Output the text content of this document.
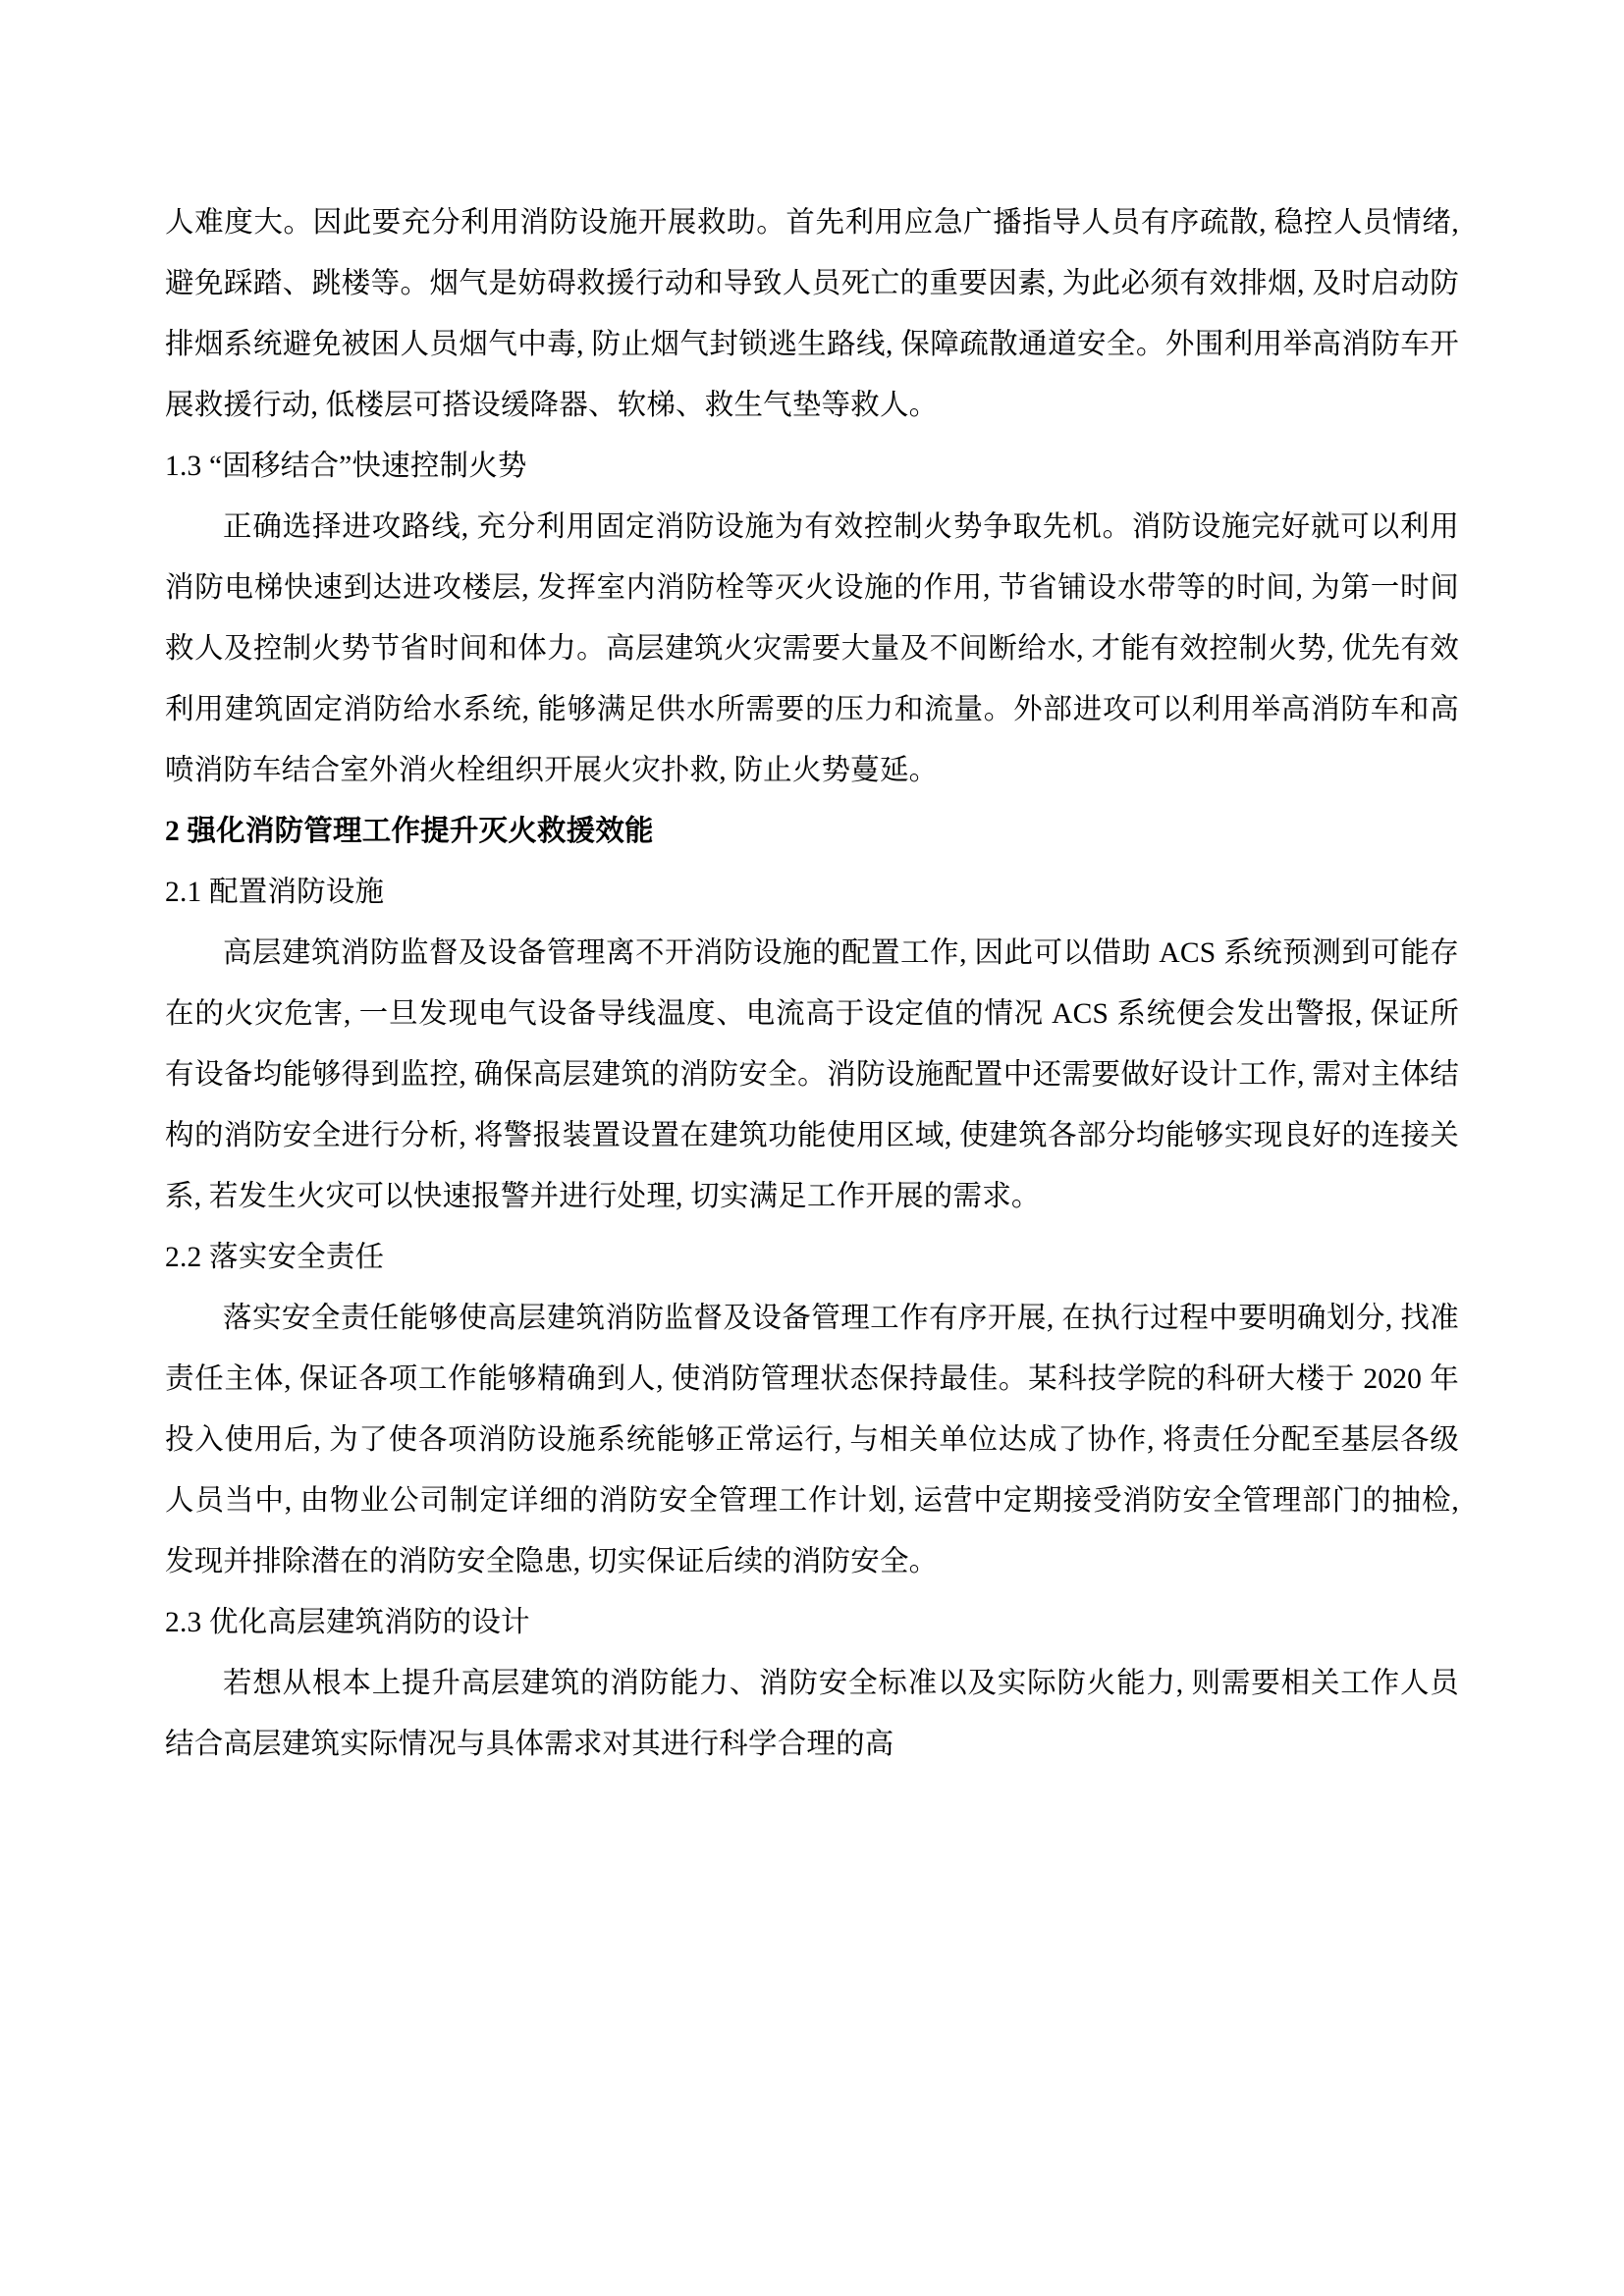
人难度大。因此要充分利用消防设施开展救助。首先利用应急广播指导人员有序疏散, 稳控人员情绪, 避免踩踏、跳楼等。烟气是妨碍救援行动和导致人员死亡的重要因素, 为此必须有效排烟, 及时启动防排烟系统避免被困人员烟气中毒, 防止烟气封锁逃生路线, 保障疏散通道安全。外围利用举高消防车开展救援行动, 低楼层可搭设缓降器、软梯、救生气垫等救人。

1.3 “固移结合”快速控制火势

正确选择进攻路线, 充分利用固定消防设施为有效控制火势争取先机。消防设施完好就可以利用消防电梯快速到达进攻楼层, 发挥室内消防栓等灭火设施的作用, 节省铺设水带等的时间, 为第一时间救人及控制火势节省时间和体力。高层建筑火灾需要大量及不间断给水, 才能有效控制火势, 优先有效利用建筑固定消防给水系统, 能够满足供水所需要的压力和流量。外部进攻可以利用举高消防车和高喷消防车结合室外消火栓组织开展火灾扑救, 防止火势蔓延。

2 强化消防管理工作提升灭火救援效能

2.1 配置消防设施

高层建筑消防监督及设备管理离不开消防设施的配置工作, 因此可以借助 ACS 系统预测到可能存在的火灾危害, 一旦发现电气设备导线温度、电流高于设定值的情况 ACS 系统便会发出警报, 保证所有设备均能够得到监控, 确保高层建筑的消防安全。消防设施配置中还需要做好设计工作, 需对主体结构的消防安全进行分析, 将警报装置设置在建筑功能使用区域, 使建筑各部分均能够实现良好的连接关系, 若发生火灾可以快速报警并进行处理, 切实满足工作开展的需求。

2.2 落实安全责任

落实安全责任能够使高层建筑消防监督及设备管理工作有序开展, 在执行过程中要明确划分, 找准责任主体, 保证各项工作能够精确到人, 使消防管理状态保持最佳。某科技学院的科研大楼于 2020 年投入使用后, 为了使各项消防设施系统能够正常运行, 与相关单位达成了协作, 将责任分配至基层各级人员当中, 由物业公司制定详细的消防安全管理工作计划, 运营中定期接受消防安全管理部门的抽检, 发现并排除潜在的消防安全隐患, 切实保证后续的消防安全。

2.3 优化高层建筑消防的设计

若想从根本上提升高层建筑的消防能力、消防安全标准以及实际防火能力, 则需要相关工作人员结合高层建筑实际情况与具体需求对其进行科学合理的高
